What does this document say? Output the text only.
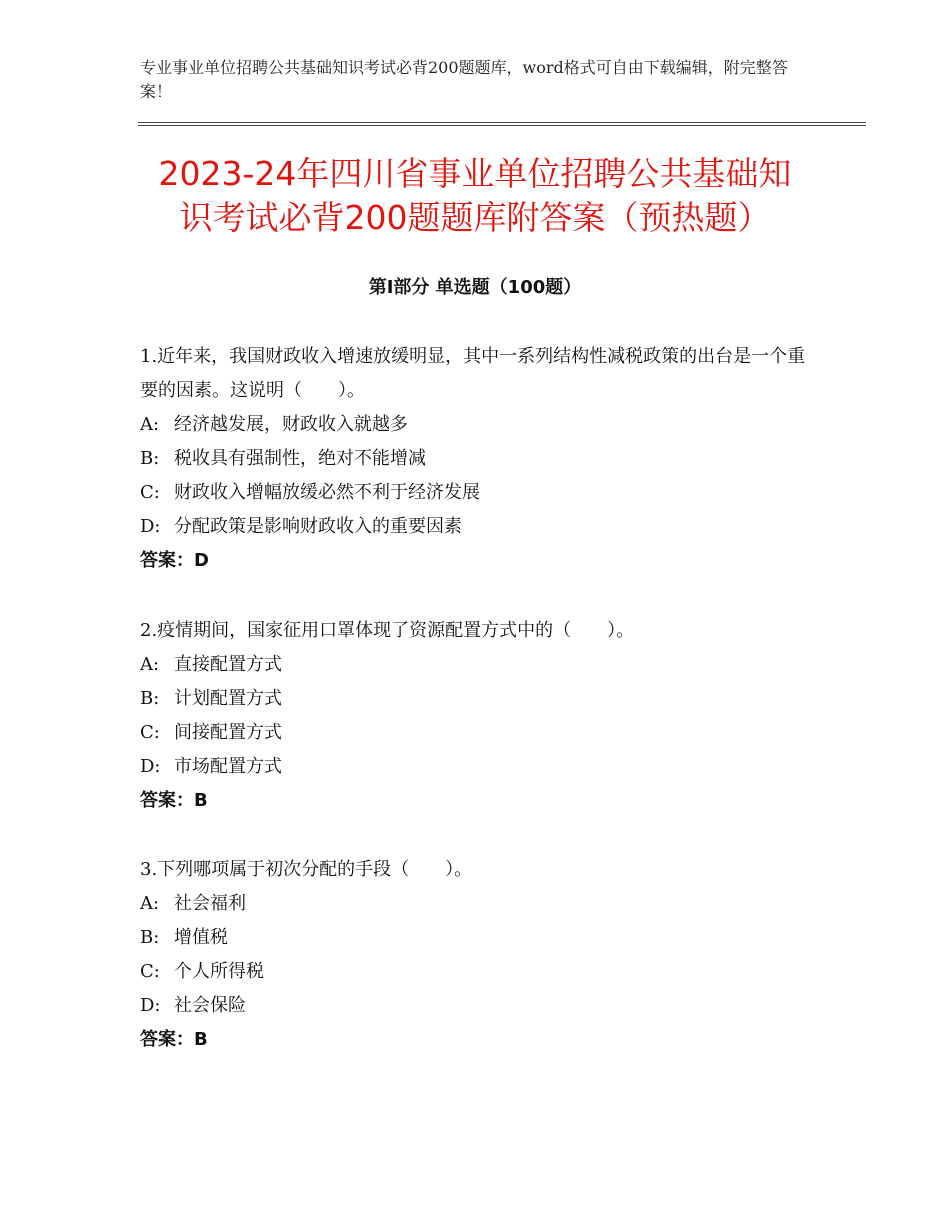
专业事业单位招聘公共基础知识考试必背200题题库，word格式可自由下载编辑，附完整答案！
2023-24年四川省事业单位招聘公共基础知识考试必背200题题库附答案（预热题）
第I部分 单选题（100题）

1.近年来，我国财政收入增速放缓明显，其中一系列结构性减税政策的出台是一个重要的因素。这说明（　　）。

A: 经济越发展，财政收入就越多

B: 税收具有强制性，绝对不能增减

C: 财政收入增幅放缓必然不利于经济发展

D: 分配政策是影响财政收入的重要因素

答案：D

2.疫情期间，国家征用口罩体现了资源配置方式中的（　　）。

A: 直接配置方式

B: 计划配置方式

C: 间接配置方式

D: 市场配置方式

答案：B

3.下列哪项属于初次分配的手段（　　）。

A: 社会福利

B: 增值税

C: 个人所得税

D: 社会保险

答案：B
